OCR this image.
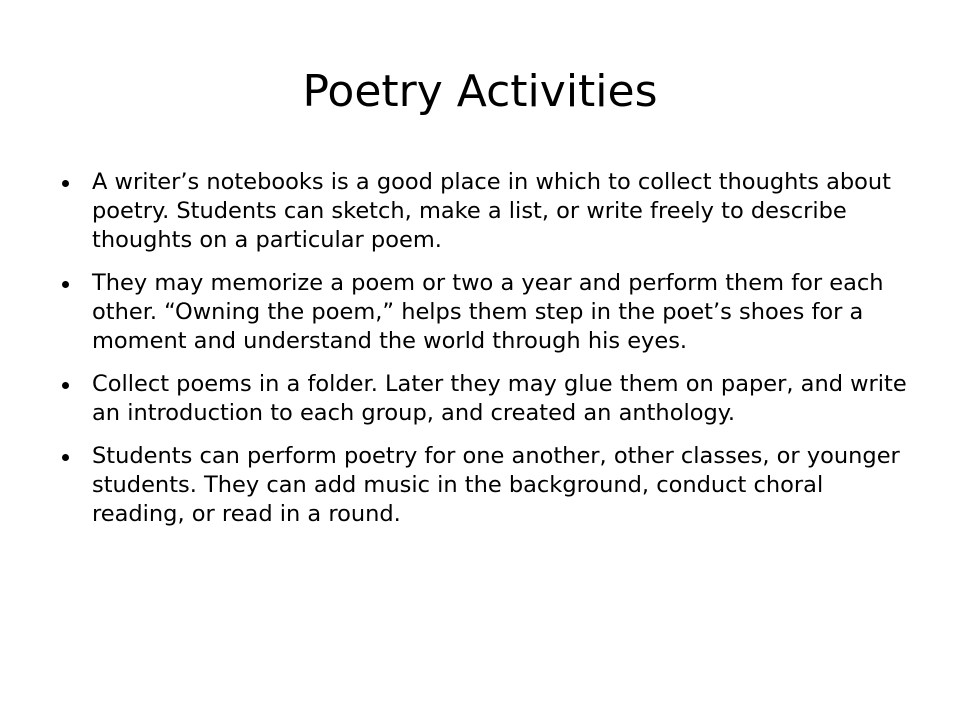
Poetry Activities
A writer’s notebooks is a good place in which to collect thoughts about poetry. Students can sketch, make a list, or write freely to describe thoughts on a particular poem.
They may memorize a poem or two a year and perform them for each other. “Owning the poem,” helps them step in the poet’s shoes for a moment and understand the world through his eyes.
Collect poems in a folder. Later they may glue them on paper, and write an introduction to each group, and created an anthology.
Students can perform poetry for one another, other classes, or younger students. They can add music in the background, conduct choral reading, or read in a round.
